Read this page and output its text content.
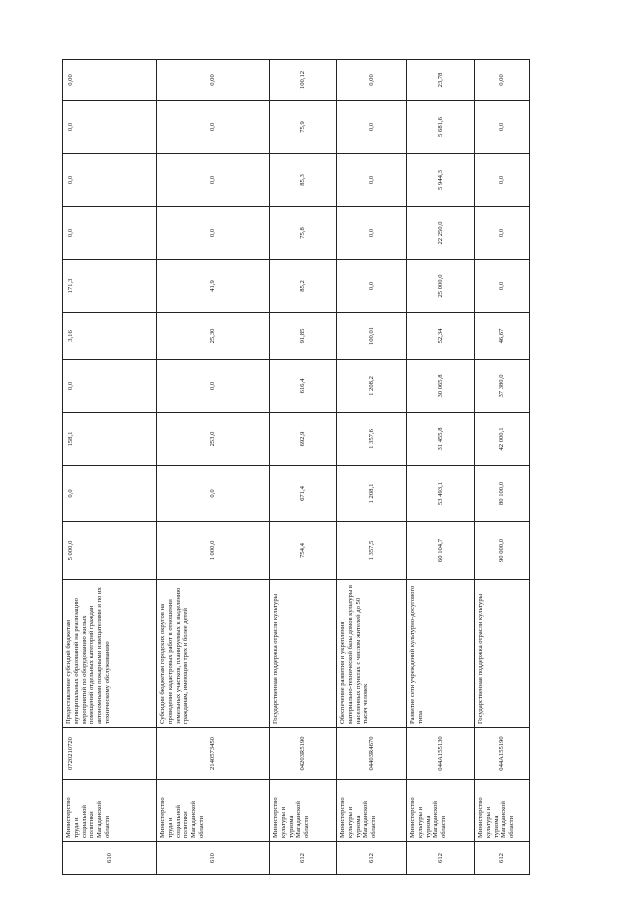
610	Министерство труда и социальной политики Магаданской области	0720210720	Предоставление субсидий бюджетам муниципальных образований на реализацию мероприятий по оборудованию жилых помещений отдельных категорий граждан автономными пожарными извещателями и по их техническому обслуживанию	5 000,0	0,0	158,1	0,0	3,16	171,3	0,0	0,0	0,0	0,00
610	Министерство труда и социальной политики Магаданской области	2140573450	Субсидии бюджетам городских округов на проведение кадастровых работ в отношении земельных участков, планируемых к выделению гражданам, имеющим трех и более детей	1 000,0	0,0	253,0	0,0	25,30	41,9	0,0	0,0	0,0	0,00
612	Министерство культуры и туризма Магаданской области	04203R5190	Государственная поддержка отрасли культуры	754,4	671,4	692,9	616,4	91,85	85,2	75,8	85,3	75,9	100,12
612	Министерство культуры и туризма Магаданской области	04403R4670	Обеспечение развития и укрепления материально-технической базы домов культуры в населенных пунктах с числом жителей до 50 тысяч человек	1 357,5	1 208,1	1 357,6	1 208,2	100,01	0,0	0,0	0,0	0,0	0,00
612	Министерство культуры и туризма Магаданской области	044A155130	Развитие сети учреждений культурно-досугового типа	60 104,7	53 493,1	31 455,8	30 065,8	52,34	25 000,0	22 250,0	5 944,3	5 681,6	23,78
612	Министерство культуры и туризма Магаданской области	044A155190	Государственная поддержка отрасли культуры	90 000,0	80 100,0	42 000,1	37 380,0	46,67	0,0	0,0	0,0	0,0	0,00
